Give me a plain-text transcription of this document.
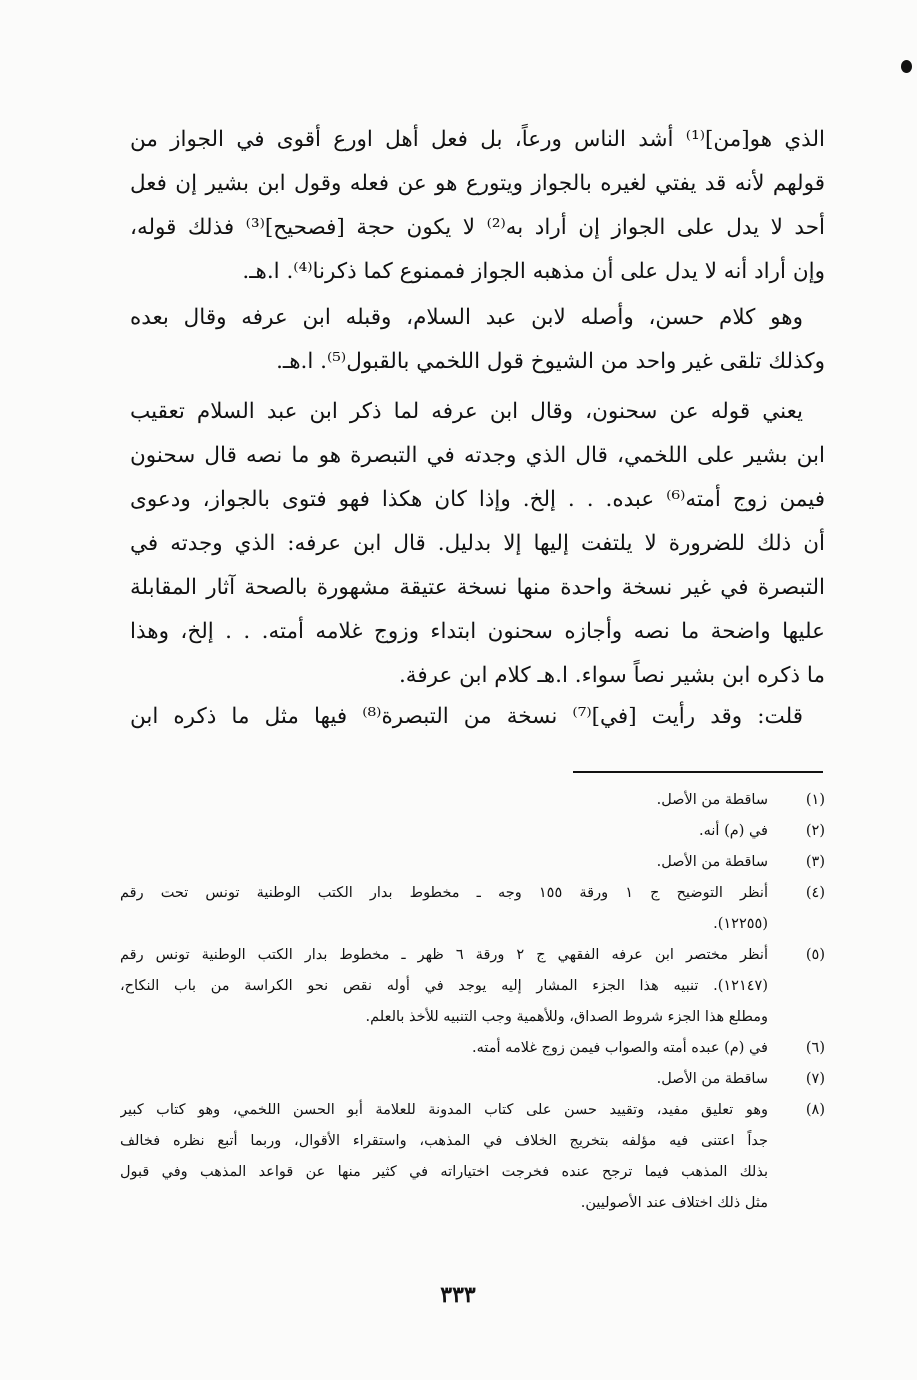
الذي هو[من]⁽¹⁾ أشد الناس ورعاً، بل فعل أهل اورع أقوى في الجواز من
قولهم لأنه قد يفتي لغيره بالجواز ويتورع هو عن فعله وقول ابن بشير إن فعل
أحد لا يدل على الجواز إن أراد به⁽²⁾ لا يكون حجة [فصحيح]⁽³⁾ فذلك قوله،
وإن أراد أنه لا يدل على أن مذهبه الجواز فممنوع كما ذكرنا⁽⁴⁾. ا.هـ.
وهو كلام حسن، وأصله لابن عبد السلام، وقبله ابن عرفه وقال بعده
وكذلك تلقى غير واحد من الشيوخ قول اللخمي بالقبول⁽⁵⁾. ا.هـ.
يعني قوله عن سحنون، وقال ابن عرفه لما ذكر ابن عبد السلام تعقيب
ابن بشير على اللخمي، قال الذي وجدته في التبصرة هو ما نصه قال سحنون
فيمن زوج أمته⁽⁶⁾ عبده. . . إلخ. وإذا كان هكذا فهو فتوى بالجواز، ودعوى
أن ذلك للضرورة لا يلتفت إليها إلا بدليل. قال ابن عرفه: الذي وجدته في
التبصرة في غير نسخة واحدة منها نسخة عتيقة مشهورة بالصحة آثار المقابلة
عليها واضحة ما نصه وأجازه سحنون ابتداء وزوج غلامه أمته. . . إلخ، وهذا
ما ذكره ابن بشير نصاً سواء. ا.هـ كلام ابن عرفة.
قلت: وقد رأيت [في]⁽⁷⁾ نسخة من التبصرة⁽⁸⁾ فيها مثل ما ذكره ابن
(١)
ساقطة من الأصل.
(٢)
في (م) أنه.
(٣)
ساقطة من الأصل.
(٤)
أنظر التوضيح ج ١ ورقة ١٥٥ وجه ـ مخطوط بدار الكتب الوطنية تونس تحت رقم
(١٢٢٥٥).
(٥)
أنظر مختصر ابن عرفه الفقهي ج ٢ ورقة ٦ ظهر ـ مخطوط بدار الكتب الوطنية تونس رقم
(١٢١٤٧). تنبيه هذا الجزء المشار إليه يوجد في أوله نقص نحو الكراسة من باب النكاح،
ومطلع هذا الجزء شروط الصداق، وللأهمية وجب التنبيه للأخذ بالعلم.
(٦)
في (م) عبده أمته والصواب فيمن زوج غلامه أمته.
(٧)
ساقطة من الأصل.
(٨)
وهو تعليق مفيد، وتقييد حسن على كتاب المدونة للعلامة أبو الحسن اللخمي، وهو كتاب كبير
جداً اعتنى فيه مؤلفه بتخريج الخلاف في المذهب، واستقراء الأقوال، وربما أتبع نظره فخالف
بذلك المذهب فيما ترجح عنده فخرجت اختياراته في كثير منها عن قواعد المذهب وفي قبول
مثل ذلك اختلاف عند الأصوليين.
٣٣٣
